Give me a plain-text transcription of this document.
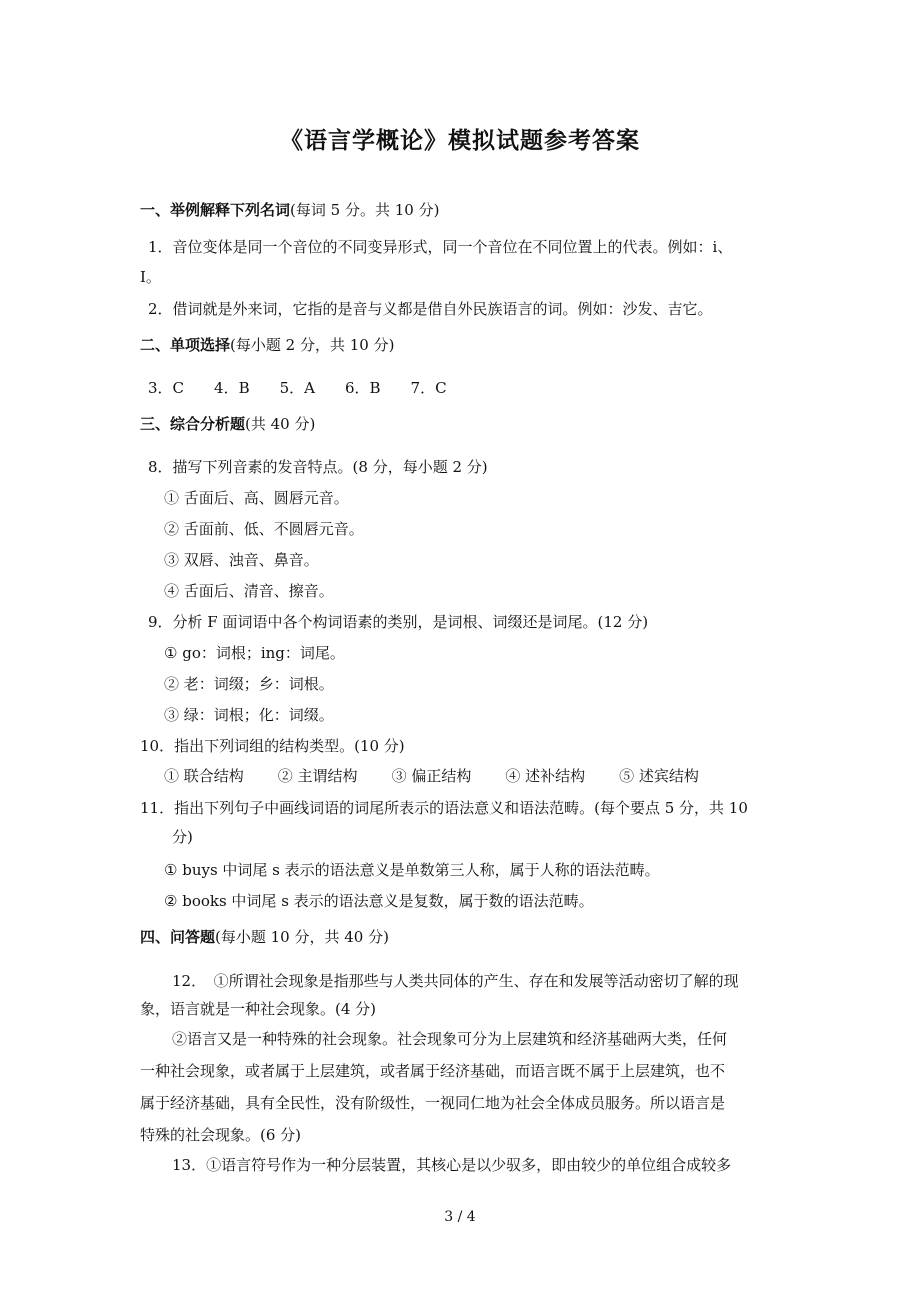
《语言学概论》模拟试题参考答案
一、举例解释下列名词(每词 5 分。共 10 分)
1．音位变体是同一个音位的不同变异形式，同一个音位在不同位置上的代表。例如：i、
I。
2．借词就是外来词，它指的是音与义都是借自外民族语言的词。例如：沙发、吉它。
二、单项选择(每小题 2 分，共 10 分)
3．C　　4．B　　5．A　　6．B　　7．C
三、综合分析题(共 40 分)
8．描写下列音素的发音特点。(8 分，每小题 2 分)
① 舌面后、高、圆唇元音。
② 舌面前、低、不圆唇元音。
③ 双唇、浊音、鼻音。
④ 舌面后、清音、擦音。
9．分析 F 面词语中各个构词语素的类别，是词根、词缀还是词尾。(12 分)
① go：词根；ing：词尾。
② 老：词缀；乡：词根。
③ 绿：词根；化：词缀。
10．指出下列词组的结构类型。(10 分)
① 联合结构 ② 主谓结构 ③ 偏正结构 ④ 述补结构 ⑤ 述宾结构
11．指出下列句子中画线词语的词尾所表示的语法意义和语法范畴。(每个要点 5 分，共 10
分)
① buys 中词尾 s 表示的语法意义是单数第三人称，属于人称的语法范畴。
② books 中词尾 s 表示的语法意义是复数，属于数的语法范畴。
四、问答题(每小题 10 分，共 40 分)
12．　①所谓社会现象是指那些与人类共同体的产生、存在和发展等活动密切了解的现
象，语言就是一种社会现象。(4 分)
②语言又是一种特殊的社会现象。社会现象可分为上层建筑和经济基础两大类，任何
一种社会现象，或者属于上层建筑，或者属于经济基础，而语言既不属于上层建筑，也不
属于经济基础，具有全民性，没有阶级性，一视同仁地为社会全体成员服务。所以语言是
特殊的社会现象。(6 分)
13．①语言符号作为一种分层装置，其核心是以少驭多，即由较少的单位组合成较多
3 / 4
